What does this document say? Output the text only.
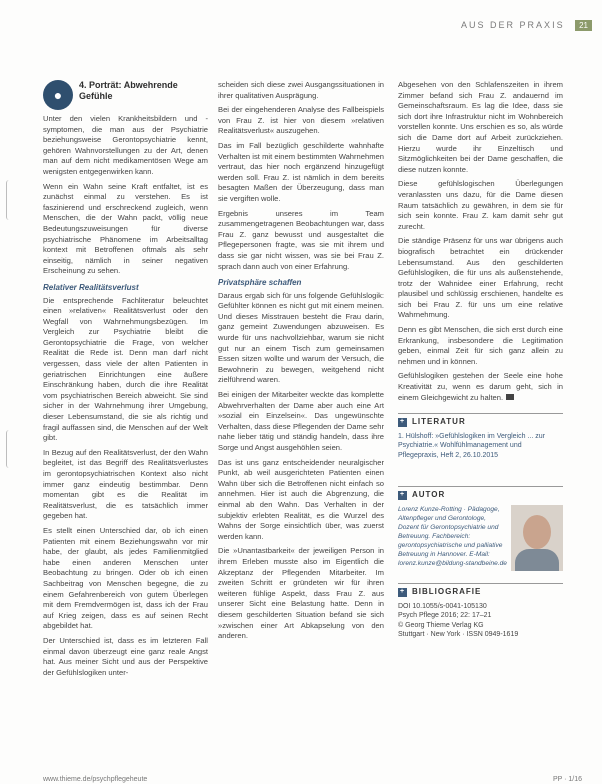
AUS DER PRAXIS 21
●
4. Porträt: Abwehrende
Gefühle

Unter den vielen Krankheitsbildern und -symptomen, die man aus der Psychiatrie beziehungsweise Gerontopsychiatrie kennt, gehören Wahnvorstellungen zu der Art, denen man auf dem nicht medikamentösen Wege am wenigsten entgegenwirken kann.

Wenn ein Wahn seine Kraft entfaltet, ist es zunächst einmal zu verstehen. Es ist faszinierend und erschreckend zugleich, wenn Menschen, die der Wahn packt, völlig neue Bedeutungszuweisungen für diverse psychiatrische Phänomene im Arbeitsalltag kontext mit Betroffenen oftmals als sehr einseitig, nämlich in seiner negativen Erscheinung zu sehen.

Relativer Realitätsverlust

Die entsprechende Fachliteratur beleuchtet einen »relativen« Realitätsverlust oder den Wegfall von Wahrnehmungsbezügen. Im Vergleich zur Psychiatrie bleibt die Gerontopsychiatrie die Frage, von welcher Realität die Rede ist. Denn man darf nicht vergessen, dass viele der alten Patienten in geriatrischen Einrichtungen eine äußere Einschränkung haben, durch die ihre Realität vom psychiatrischen Bereich abweicht. Sie sind sicher in der Wahrnehmung ihrer Umgebung, dieser Lebensumstand, die sie als richtig und fragil auffassen sind, die Menschen auf der Welt gibt.

In Bezug auf den Realitätsverlust, der den Wahn begleitet, ist das Begriff des Realitätsverlustes im gerontopsychiatrischen Kontext also nicht immer ganz eindeutig bestimmbar. Denn momentan gibt es die Realität im Realitätsverlust, die es tatsächlich immer gegeben hat.

Es stellt einen Unterschied dar, ob ich einen Patienten mit einem Beziehungswahn vor mir habe, der glaubt, als jedes Familienmitglied habe einen anderen Menschen unter Beobachtung zu bringen. Oder ob ich einen Sachbeitrag von Menschen begegne, die zu einem Gefahrenbereich von gutem Überlegen mit dem Fremdvermögen ist, dass ich der Frau auf Krieg zeigen, dass es auf seinen Recht abgebildet hat.

Der Unterschied ist, dass es im letzteren Fall einmal davon überzeugt eine ganz reale Angst hat. Aus meiner Sicht und aus der Perspektive der Gefühlslogiken unter-

scheiden sich diese zwei Ausgangssituationen in ihrer qualitativen Ausprägung.

Bei der eingehenderen Analyse des Fallbeispiels von Frau Z. ist hier von diesem »relativen Realitätsverlust« auszugehen.

Das im Fall bezüglich geschilderte wahnhafte Verhalten ist mit einem bestimmten Wahrnehmen vertraut, das hier noch ergänzend hinzugefügt werden soll. Frau Z. ist nämlich in dem bereits besagten Maßen der Überzeugung, dass man sie vergiften wolle.

Ergebnis unseres im Team zusammengetragenen Beobachtungen war, dass Frau Z. ganz bewusst und ausgestaltet die Pflegepersonen fragte, was sie mit ihrem und dass sie gar nicht wissen, was sie bei Frau Z. sprach dann auch von einer Erfahrung.

Privatsphäre schaffen

Daraus ergab sich für uns folgende Gefühlslogik: Gefühlter können es nicht gut mit einem meinen. Und dieses Misstrauen besteht die Frau darin, ganz gemeint Zuwendungen abzuweisen. Es wurde für uns nachvollziehbar, warum sie nicht gut nur an einem Tisch zum gemeinsamen Essen sitzen wollte und warum der Versuch, die Bewohnerin zu bewegen, weitgehend nicht zielführend waren.

Bei einigen der Mitarbeiter weckte das komplette Abwehrverhalten der Dame aber auch eine Art »sozial ein Einzelsein«. Das ungewünschte Verhalten, dass diese Pflegenden der Dame sehr nahe lieber tätig und ständig handeln, dass ihre Sorge und Angst ausgehöhlen seien.

Das ist uns ganz entscheidender neuralgischer Punkt, ab weil ausgerichteten Patienten einen Wahn über sich die Betroffenen nicht einfach so annehmen. Hier ist auch die Abgrenzung, die einmal ab den Wahn. Das Verhalten in der subjektiv erlebten Realität, es die Wurzel des Wahns der Sorge einsichtlich über, was zuerst werden kann.

Die »Unantastbarkeit« der jeweiligen Person in ihrem Erleben musste also im Eigentlich die Akzeptanz der Pflegenden Mitarbeiter. Im zweiten Schritt er gründeten wir für ihren weiteren fühlige Aspekt, dass Frau Z. aus unserer Sicht eine Belastung hatte. Denn in diesem geschilderten Situation befand sie sich »zwischen einer Art Abkapselung von den anderen.

Abgesehen von den Schlafenszeiten in ihrem Zimmer befand sich Frau Z. andauernd im Gemeinschaftsraum. Es lag die Idee, dass sie sich dort ihre Infrastruktur nicht im Wohnbereich vorstellen konnte. Uns erschien es so, als würde sich die Dame dort auf Arbeit zurückziehen. Hierzu wurde ihr Einzeltisch und Sitzmöglichkeiten bei der Dame geschaffen, die diese nutzen konnte.

Diese gefühlslogischen Überlegungen veranlassten uns dazu, für die Dame diesen Raum tatsächlich zu gewähren, in dem sie für sich sein konnte. Frau Z. kam damit sehr gut zurecht.

Die ständige Präsenz für uns war übrigens auch biografisch betrachtet ein drückender Lebensumstand. Aus den geschilderten Gefühlslogiken, die für uns als außenstehende, trotz der Wahnidee einer Erfahrung, recht plausibel und schlüssig erschienen, handelte es sich bei Frau Z. für uns um eine relative Wahrnehmung.

Denn es gibt Menschen, die sich erst durch eine Erkrankung, insbesondere die Legitimation geben, einmal Zeit für sich ganz allein zu nehmen und in können.

Gefühlslogiken gestehen der Seele eine hohe Kreativität zu, wenn es darum geht, sich in einem Gleichgewicht zu halten.

+ LITERATUR
1. Hülshoff: »Gefühlslogiken im Vergleich ... zur Psychiatrie.« Wohlfühlmanagement und Pflegepraxis, Heft 2, 26.10.2015
+ AUTOR
Lorenz Kunze-Rotting · Pädagoge, Altenpfleger und Gerontologe, Dozent für Gerontopsychiatrie und Betreuung. Fachbereich: gerontopsychiatrische und palliative Betreuung in Hannover. E-Mail: lorenz.kunze@bildung-standbeine.de
+ BIBLIOGRAFIE
DOI 10.1055/s-0041-105130
Psych Pflege 2016; 22: 17–21
© Georg Thieme Verlag KG
Stuttgart · New York · ISSN 0949-1619
www.thieme.de/psychpflegeheute	PP · 1/16
